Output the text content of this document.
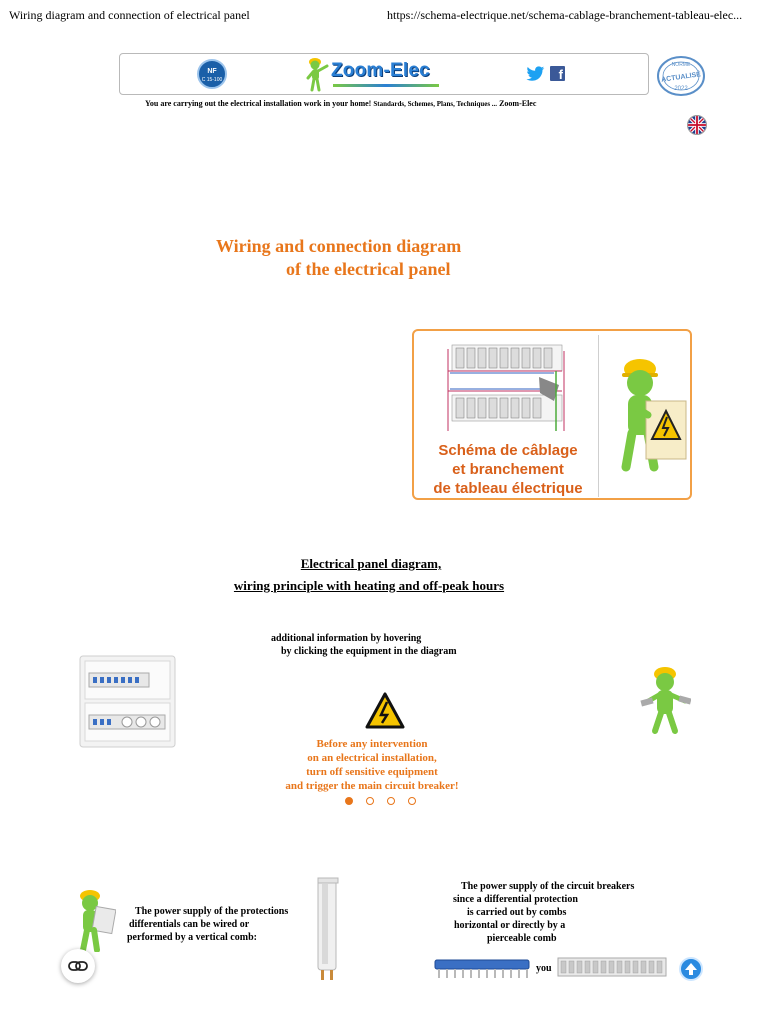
Wiring diagram and connection of electrical panel	https://schema-electrique.net/schema-cablage-branchement-tableau-elec...
NF
C 15-100	Zoom-Elec	f
NORME
ACTUALISÉ
2022
You are carrying out the electrical installation work in your home! Standards, Schemes, Plans, Techniques ... Zoom-Elec
Wiring and connection diagram
of the electrical panel
Schéma de câblage
et branchement
de tableau électrique
Electrical panel diagram,
wiring principle with heating and off-peak hours
additional information by hovering
by clicking the equipment in the diagram
Before any intervention
on an electrical installation,
turn off sensitive equipment
and trigger the main circuit breaker!
The power supply of the protections
differentials can be wired or
performed by a vertical comb:
The power supply of the circuit breakers
since a differential protection
is carried out by combs
horizontal or directly by a
pierceable comb
you
